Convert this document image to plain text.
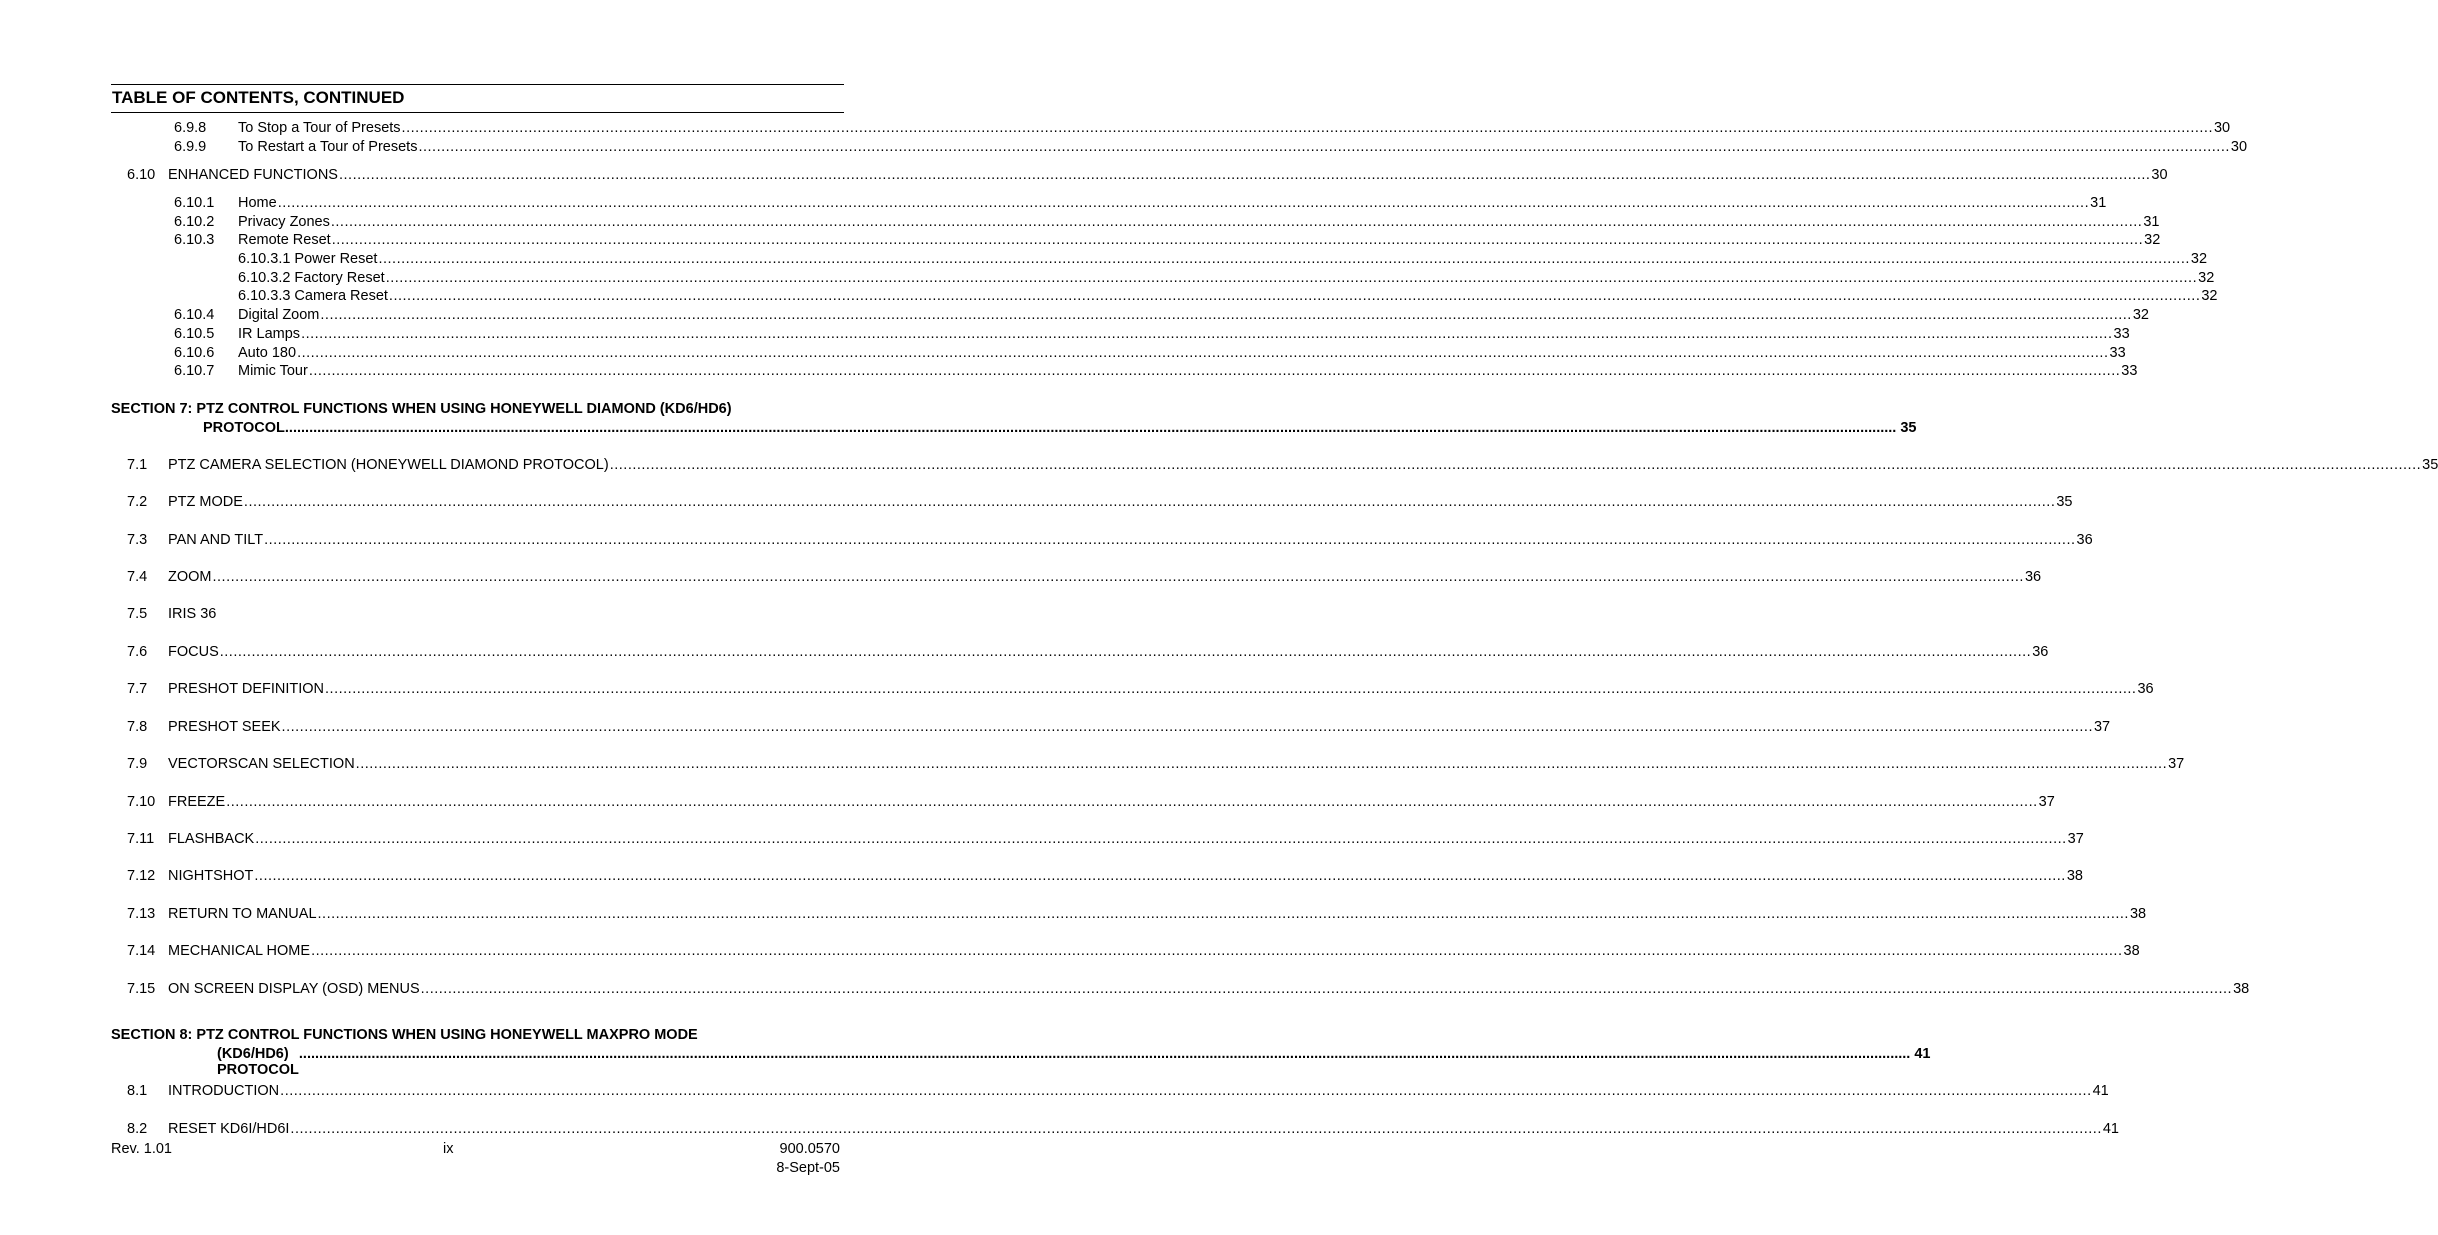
TABLE OF CONTENTS, CONTINUED
6.9.8 To Stop a Tour of Presets ................................................................................................................................................................................................................................................................................................................................................................................................................ 30
6.9.9 To Restart a Tour of Presets ................................................................................................................................................................................................................................................................................................................................................................................................................ 30
6.10 ENHANCED FUNCTIONS ................................................................................................................................................................................................................................................................................................................................................................................................................ 30
6.10.1 Home ................................................................................................................................................................................................................................................................................................................................................................................................................ 31
6.10.2 Privacy Zones ................................................................................................................................................................................................................................................................................................................................................................................................................ 31
6.10.3 Remote Reset ................................................................................................................................................................................................................................................................................................................................................................................................................ 32
6.10.3.1 Power Reset ................................................................................................................................................................................................................................................................................................................................................................................................................ 32
6.10.3.2 Factory Reset ................................................................................................................................................................................................................................................................................................................................................................................................................ 32
6.10.3.3 Camera Reset ................................................................................................................................................................................................................................................................................................................................................................................................................ 32
6.10.4 Digital Zoom ................................................................................................................................................................................................................................................................................................................................................................................................................ 32
6.10.5 IR Lamps ................................................................................................................................................................................................................................................................................................................................................................................................................ 33
6.10.6 Auto 180 ................................................................................................................................................................................................................................................................................................................................................................................................................ 33
6.10.7 Mimic Tour ................................................................................................................................................................................................................................................................................................................................................................................................................ 33
7.1 PTZ CAMERA SELECTION (HONEYWELL DIAMOND PROTOCOL) ................................................................................................................................................................................................................................................................................................................................................................................................................ 35
7.2 PTZ MODE ................................................................................................................................................................................................................................................................................................................................................................................................................ 35
7.3 PAN AND TILT ................................................................................................................................................................................................................................................................................................................................................................................................................ 36
7.4 ZOOM ................................................................................................................................................................................................................................................................................................................................................................................................................ 36
7.5 IRIS 36
7.6 FOCUS ................................................................................................................................................................................................................................................................................................................................................................................................................ 36
7.7 PRESHOT DEFINITION ................................................................................................................................................................................................................................................................................................................................................................................................................ 36
7.8 PRESHOT SEEK ................................................................................................................................................................................................................................................................................................................................................................................................................ 37
7.9 VECTORSCAN SELECTION ................................................................................................................................................................................................................................................................................................................................................................................................................ 37
7.10 FREEZE ................................................................................................................................................................................................................................................................................................................................................................................................................ 37
7.11 FLASHBACK ................................................................................................................................................................................................................................................................................................................................................................................................................ 37
7.12 NIGHTSHOT ................................................................................................................................................................................................................................................................................................................................................................................................................ 38
7.13 RETURN TO MANUAL ................................................................................................................................................................................................................................................................................................................................................................................................................ 38
7.14 MECHANICAL HOME ................................................................................................................................................................................................................................................................................................................................................................................................................ 38
7.15 ON SCREEN DISPLAY (OSD) MENUS ................................................................................................................................................................................................................................................................................................................................................................................................................ 38
8.1 INTRODUCTION ................................................................................................................................................................................................................................................................................................................................................................................................................ 41
8.2 RESET KD6I/HD6I ................................................................................................................................................................................................................................................................................................................................................................................................................ 41
SECTION 7: PTZ CONTROL FUNCTIONS WHEN USING HONEYWELL DIAMOND (KD6/HD6)
PROTOCOL ................................................................................................................................................................................................................................................................................................................................................................................................................ 35
SECTION 8: PTZ CONTROL FUNCTIONS WHEN USING HONEYWELL MAXPRO MODE
(KD6/HD6) PROTOCOL
................................................................................................................................................................................................................................................................................................................................................................................................................ 41
Rev. 1.01	ix	900.0570
8-Sept-05
